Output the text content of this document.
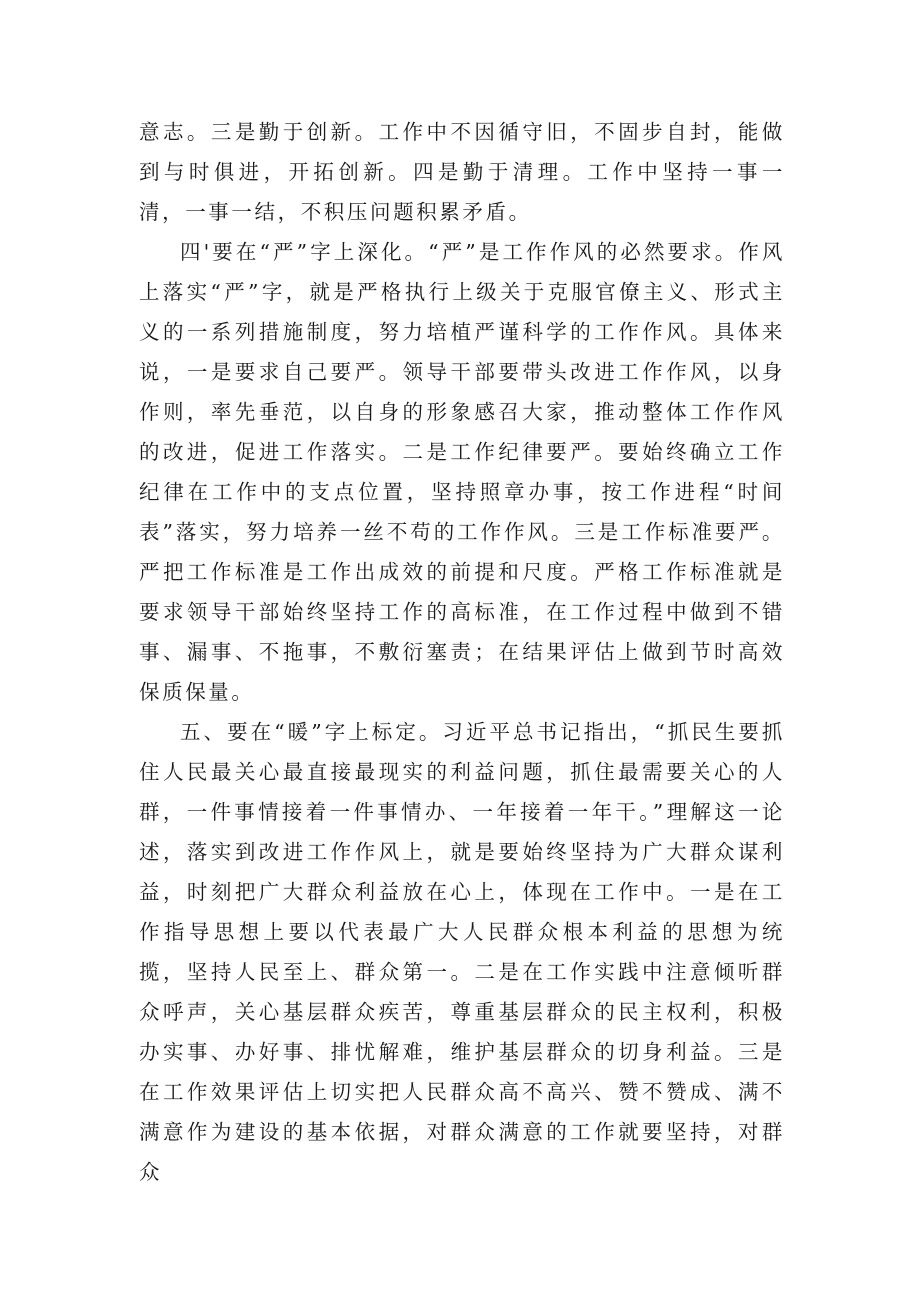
意志。三是勤于创新。工作中不因循守旧，不固步自封，能做到与时俱进，开拓创新。四是勤于清理。工作中坚持一事一清，一事一结，不积压问题积累矛盾。

四'要在“严”字上深化。“严”是工作作风的必然要求。作风上落实“严”字，就是严格执行上级关于克服官僚主义、形式主义的一系列措施制度，努力培植严谨科学的工作作风。具体来说，一是要求自己要严。领导干部要带头改进工作作风，以身作则，率先垂范，以自身的形象感召大家，推动整体工作作风的改进，促进工作落实。二是工作纪律要严。要始终确立工作纪律在工作中的支点位置，坚持照章办事，按工作进程“时间表”落实，努力培养一丝不苟的工作作风。三是工作标准要严。严把工作标准是工作出成效的前提和尺度。严格工作标准就是要求领导干部始终坚持工作的高标准，在工作过程中做到不错事、漏事、不拖事，不敷衍塞责；在结果评估上做到节时高效保质保量。

五、要在“暖”字上标定。习近平总书记指出，“抓民生要抓住人民最关心最直接最现实的利益问题，抓住最需要关心的人群，一件事情接着一件事情办、一年接着一年干。”理解这一论述，落实到改进工作作风上，就是要始终坚持为广大群众谋利益，时刻把广大群众利益放在心上，体现在工作中。一是在工作指导思想上要以代表最广大人民群众根本利益的思想为统揽，坚持人民至上、群众第一。二是在工作实践中注意倾听群众呼声，关心基层群众疾苦，尊重基层群众的民主权利，积极办实事、办好事、排忧解难，维护基层群众的切身利益。三是在工作效果评估上切实把人民群众高不高兴、赞不赞成、满不满意作为建设的基本依据，对群众满意的工作就要坚持，对群众
